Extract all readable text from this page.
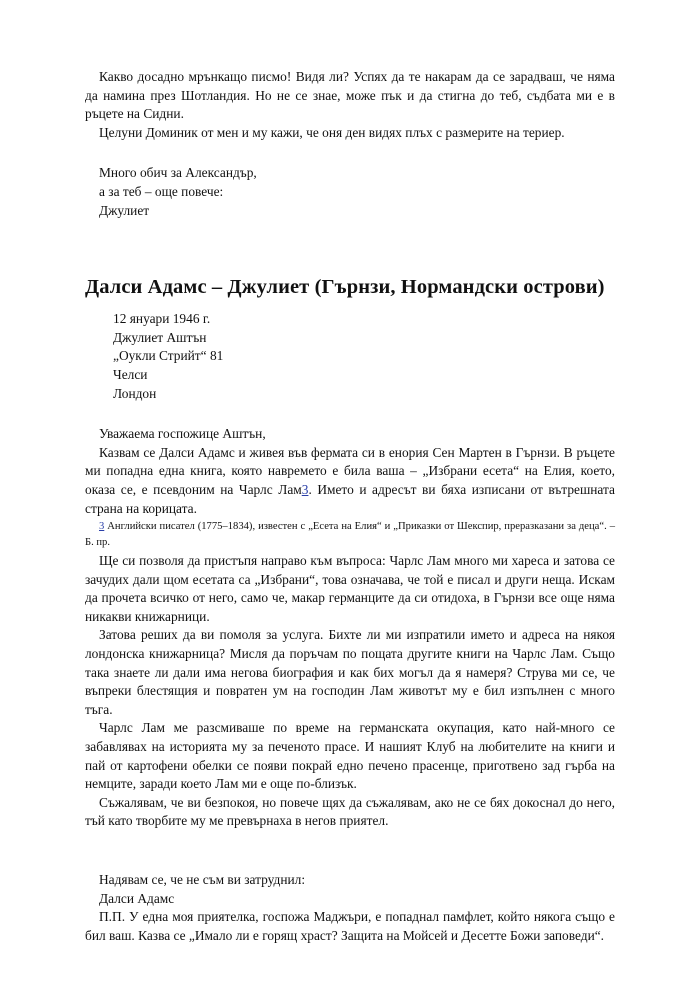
Какво досадно мрънкащо писмо! Видя ли? Успях да те накарам да се зарадваш, че няма да намина през Шотландия. Но не се знае, може пък и да стигна до теб, съдбата ми е в ръцете на Сидни.

Целуни Доминик от мен и му кажи, че оня ден видях плъх с размерите на териер.

Много обич за Александър,
а за теб – още повече:
Джулиет
Далси Адамс – Джулиет (Гърнзи, Нормандски острови)
12 януари 1946 г.
Джулиет Аштън
„Оукли Стрийт“ 81
Челси
Лондон

Уважаема госпожице Аштън,

Казвам се Далси Адамс и живея във фермата си в енория Сен Мартен в Гърнзи. В ръцете ми попадна една книга, която навремето е била ваша – „Избрани есета“ на Елия, което, оказа се, е псевдоним на Чарлс Лам3. Името и адресът ви бяха изписани от вътрешната страна на корицата.

3 Английски писател (1775–1834), известен с „Есета на Елия“ и „Приказки от Шекспир, преразказани за деца“. – Б. пр.

Ще си позволя да пристъпя направо към въпроса: Чарлс Лам много ми хареса и затова се зачудих дали щом есетата са „Избрани“, това означава, че той е писал и други неща. Искам да прочета всичко от него, само че, макар германците да си отидоха, в Гърнзи все още няма никакви книжарници.

Затова реших да ви помоля за услуга. Бихте ли ми изпратили името и адреса на някоя лондонска книжарница? Мисля да поръчам по пощата другите книги на Чарлс Лам. Също така знаете ли дали има негова биография и как бих могъл да я намеря? Струва ми се, че въпреки блестящия и повратен ум на господин Лам животът му е бил изпълнен с много тъга.

Чарлс Лам ме разсмиваше по време на германската окупация, като най-много се забавлявах на историята му за печеното прасе. И нашият Клуб на любителите на книги и пай от картофени обелки се появи покрай едно печено прасенце, приготвено зад гърба на немците, заради което Лам ми е още по-близък.

Съжалявам, че ви безпокоя, но повече щях да съжалявам, ако не се бях докоснал до него, тъй като творбите му ме превърнаха в негов приятел.

Надявам се, че не съм ви затруднил:
Далси Адамс

П.П. У една моя приятелка, госпожа Маджъри, е попаднал памфлет, който някога също е бил ваш. Казва се „Имало ли е горящ храст? Защита на Мойсей и Десетте Божи заповеди“.
